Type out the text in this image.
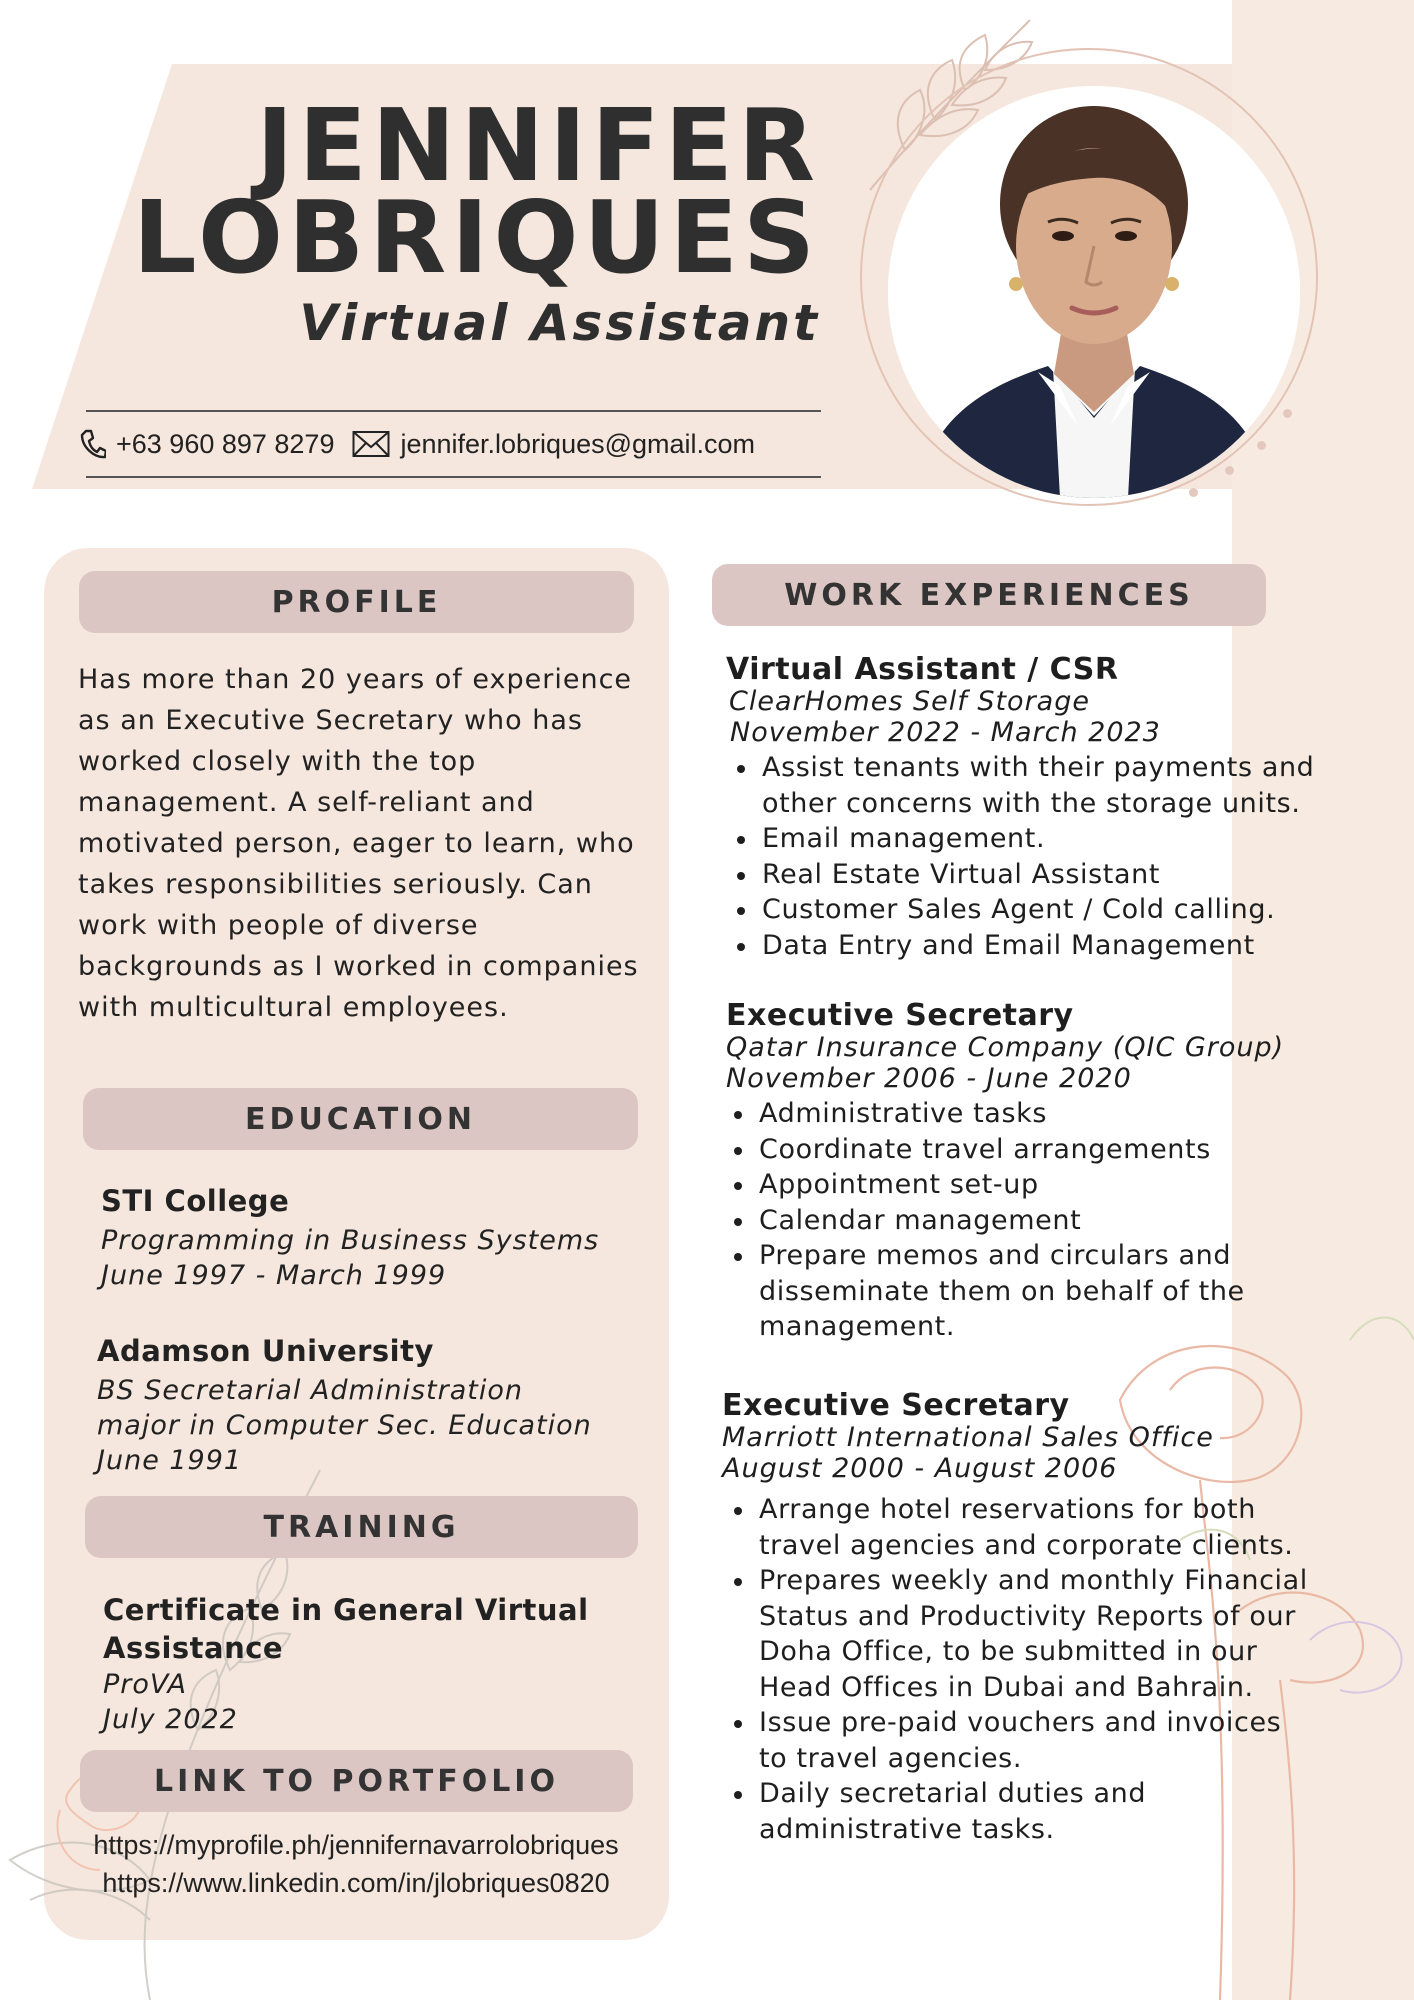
JENNIFER
LOBRIQUES
Virtual Assistant
+63 960 897 8279 jennifer.lobriques@gmail.com
PROFILE
Has more than 20 years of experience as an Executive Secretary who has worked closely with the top management. A self-reliant and motivated person, eager to learn, who takes responsibilities seriously. Can work with people of diverse backgrounds as I worked in companies with multicultural employees.
EDUCATION
STI College
Programming in Business Systems
June 1997 - March 1999
Adamson University
BS Secretarial Administration
major in Computer Sec. Education
June 1991
TRAINING
Certificate in General Virtual
Assistance
ProVA
July 2022
LINK TO PORTFOLIO
https://myprofile.ph/jennifernavarrolobriques
https://www.linkedin.com/in/jlobriques0820
WORK EXPERIENCES
Virtual Assistant / CSR
ClearHomes Self Storage
November 2022 - March 2023
Assist tenants with their payments and other concerns with the storage units.
Email management.
Real Estate Virtual Assistant
Customer Sales Agent / Cold calling.
Data Entry and Email Management
Executive Secretary
Qatar Insurance Company (QIC Group)
November 2006 - June 2020
Administrative tasks
Coordinate travel arrangements
Appointment set-up
Calendar management
Prepare memos and circulars and disseminate them on behalf of the management.
Executive Secretary
Marriott International Sales Office
August 2000 - August 2006
Arrange hotel reservations for both travel agencies and corporate clients.
Prepares weekly and monthly Financial Status and Productivity Reports of our Doha Office, to be submitted in our Head Offices in Dubai and Bahrain.
Issue pre-paid vouchers and invoices to travel agencies.
Daily secretarial duties and administrative tasks.
